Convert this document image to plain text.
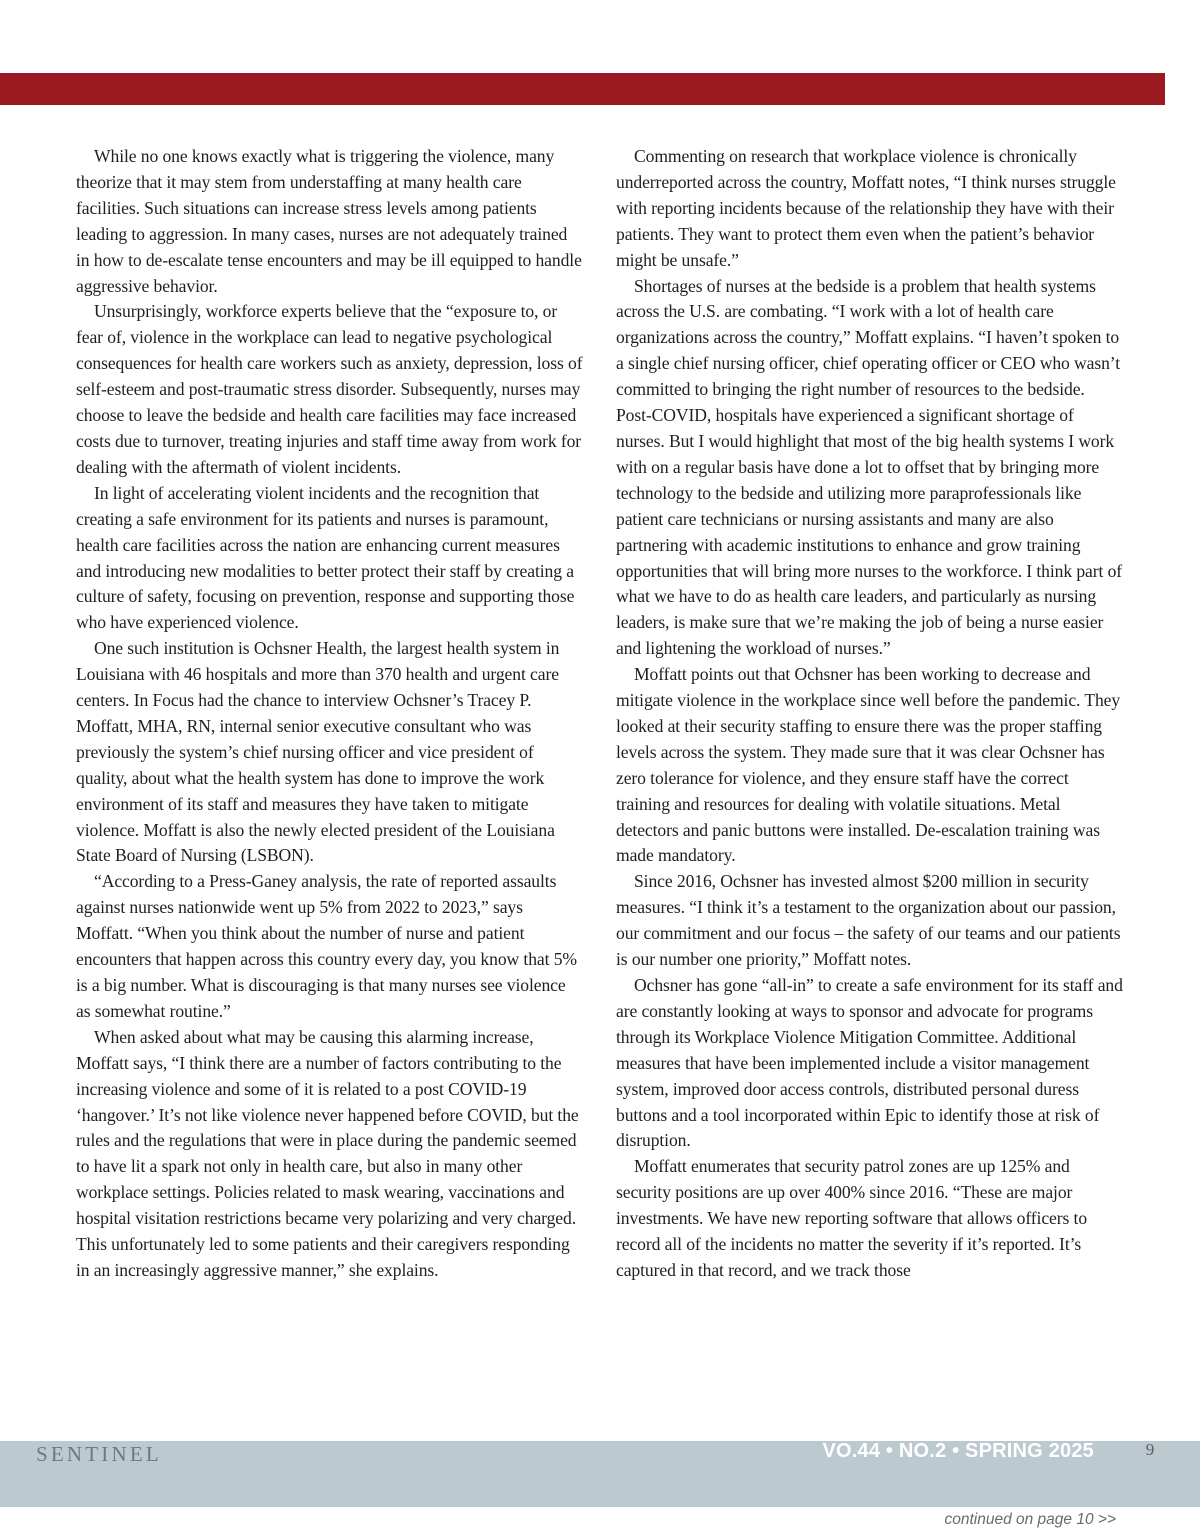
While no one knows exactly what is triggering the violence, many theorize that it may stem from understaffing at many health care facilities. Such situations can increase stress levels among patients leading to aggression. In many cases, nurses are not adequately trained in how to de-escalate tense encounters and may be ill equipped to handle aggressive behavior.

Unsurprisingly, workforce experts believe that the “exposure to, or fear of, violence in the workplace can lead to negative psychological consequences for health care workers such as anxiety, depression, loss of self-esteem and post-traumatic stress disorder. Subsequently, nurses may choose to leave the bedside and health care facilities may face increased costs due to turnover, treating injuries and staff time away from work for dealing with the aftermath of violent incidents.

In light of accelerating violent incidents and the recognition that creating a safe environment for its patients and nurses is paramount, health care facilities across the nation are enhancing current measures and introducing new modalities to better protect their staff by creating a culture of safety, focusing on prevention, response and supporting those who have experienced violence.

One such institution is Ochsner Health, the largest health system in Louisiana with 46 hospitals and more than 370 health and urgent care centers. In Focus had the chance to interview Ochsner’s Tracey P. Moffatt, MHA, RN, internal senior executive consultant who was previously the system’s chief nursing officer and vice president of quality, about what the health system has done to improve the work environment of its staff and measures they have taken to mitigate violence. Moffatt is also the newly elected president of the Louisiana State Board of Nursing (LSBON).

“According to a Press-Ganey analysis, the rate of reported assaults against nurses nationwide went up 5% from 2022 to 2023,” says Moffatt. “When you think about the number of nurse and patient encounters that happen across this country every day, you know that 5% is a big number. What is discouraging is that many nurses see violence as somewhat routine.”

When asked about what may be causing this alarming increase, Moffatt says, “I think there are a number of factors contributing to the increasing violence and some of it is related to a post COVID-19 ‘hangover.’ It’s not like violence never happened before COVID, but the rules and the regulations that were in place during the pandemic seemed to have lit a spark not only in health care, but also in many other workplace settings. Policies related to mask wearing, vaccinations and hospital visitation restrictions became very polarizing and very charged. This unfortunately led to some patients and their caregivers responding in an increasingly aggressive manner,” she explains.

Commenting on research that workplace violence is chronically underreported across the country, Moffatt notes, “I think nurses struggle with reporting incidents because of the relationship they have with their patients. They want to protect them even when the patient’s behavior might be unsafe.”

Shortages of nurses at the bedside is a problem that health systems across the U.S. are combating. “I work with a lot of health care organizations across the country,” Moffatt explains. “I haven’t spoken to a single chief nursing officer, chief operating officer or CEO who wasn’t committed to bringing the right number of resources to the bedside. Post-COVID, hospitals have experienced a significant shortage of nurses. But I would highlight that most of the big health systems I work with on a regular basis have done a lot to offset that by bringing more technology to the bedside and utilizing more paraprofessionals like patient care technicians or nursing assistants and many are also partnering with academic institutions to enhance and grow training opportunities that will bring more nurses to the workforce. I think part of what we have to do as health care leaders, and particularly as nursing leaders, is make sure that we’re making the job of being a nurse easier and lightening the workload of nurses.”

Moffatt points out that Ochsner has been working to decrease and mitigate violence in the workplace since well before the pandemic. They looked at their security staffing to ensure there was the proper staffing levels across the system. They made sure that it was clear Ochsner has zero tolerance for violence, and they ensure staff have the correct training and resources for dealing with volatile situations. Metal detectors and panic buttons were installed. De-escalation training was made mandatory.

Since 2016, Ochsner has invested almost $200 million in security measures. “I think it’s a testament to the organization about our passion, our commitment and our focus – the safety of our teams and our patients is our number one priority,” Moffatt notes.

Ochsner has gone “all-in” to create a safe environment for its staff and are constantly looking at ways to sponsor and advocate for programs through its Workplace Violence Mitigation Committee. Additional measures that have been implemented include a visitor management system, improved door access controls, distributed personal duress buttons and a tool incorporated within Epic to identify those at risk of disruption.

Moffatt enumerates that security patrol zones are up 125% and security positions are up over 400% since 2016. “These are major investments. We have new reporting software that allows officers to record all of the incidents no matter the severity if it’s reported. It’s captured in that record, and we track those

continued on page 10 >>
SENTINEL	VO.44 • NO.2 • SPRING 2025	9
